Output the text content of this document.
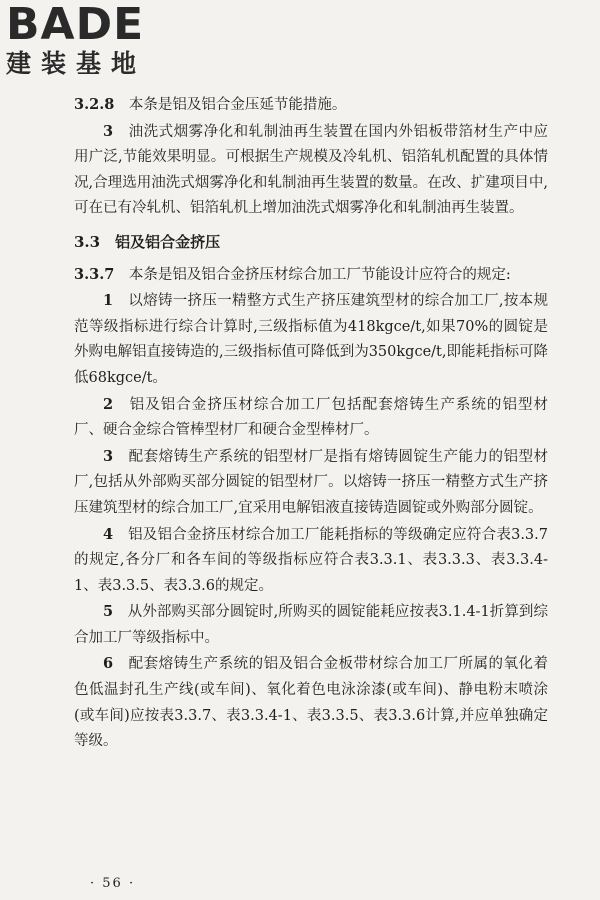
BADE
建装基地

3.2.8　 本条是铝及铝合金压延节能措施。

3　 油洗式烟雾净化和轧制油再生装置在国内外铝板带箔材生产中应用广泛,节能效果明显。可根据生产规模及冷轧机、铝箔轧机配置的具体情况,合理选用油洗式烟雾净化和轧制油再生装置的数量。在改、扩建项目中,可在已有冷轧机、铝箔轧机上增加油洗式烟雾净化和轧制油再生装置。

3.3　铝及铝合金挤压

3.3.7　 本条是铝及铝合金挤压材综合加工厂节能设计应符合的规定:

1　 以熔铸一挤压一精整方式生产挤压建筑型材的综合加工厂,按本规范等级指标进行综合计算时,三级指标值为418kgce/t,如果70%的圆锭是外购电解铝直接铸造的,三级指标值可降低到为350kgce/t,即能耗指标可降低68kgce/t。

2　 铝及铝合金挤压材综合加工厂包括配套熔铸生产系统的铝型材厂、硬合金综合管棒型材厂和硬合金型棒材厂。

3　 配套熔铸生产系统的铝型材厂是指有熔铸圆锭生产能力的铝型材厂,包括从外部购买部分圆锭的铝型材厂。以熔铸一挤压一精整方式生产挤压建筑型材的综合加工厂,宜采用电解铝液直接铸造圆锭或外购部分圆锭。

4　 铝及铝合金挤压材综合加工厂能耗指标的等级确定应符合表3.3.7的规定,各分厂和各车间的等级指标应符合表3.3.1、表3.3.3、表3.3.4-1、表3.3.5、表3.3.6的规定。

5　 从外部购买部分圆锭时,所购买的圆锭能耗应按表3.1.4-1折算到综合加工厂等级指标中。

6　 配套熔铸生产系统的铝及铝合金板带材综合加工厂所属的氧化着色低温封孔生产线(或车间)、氧化着色电泳涂漆(或车间)、静电粉末喷涂(或车间)应按表3.3.7、表3.3.4-1、表3.3.5、表3.3.6计算,并应单独确定等级。

· 56 ·
